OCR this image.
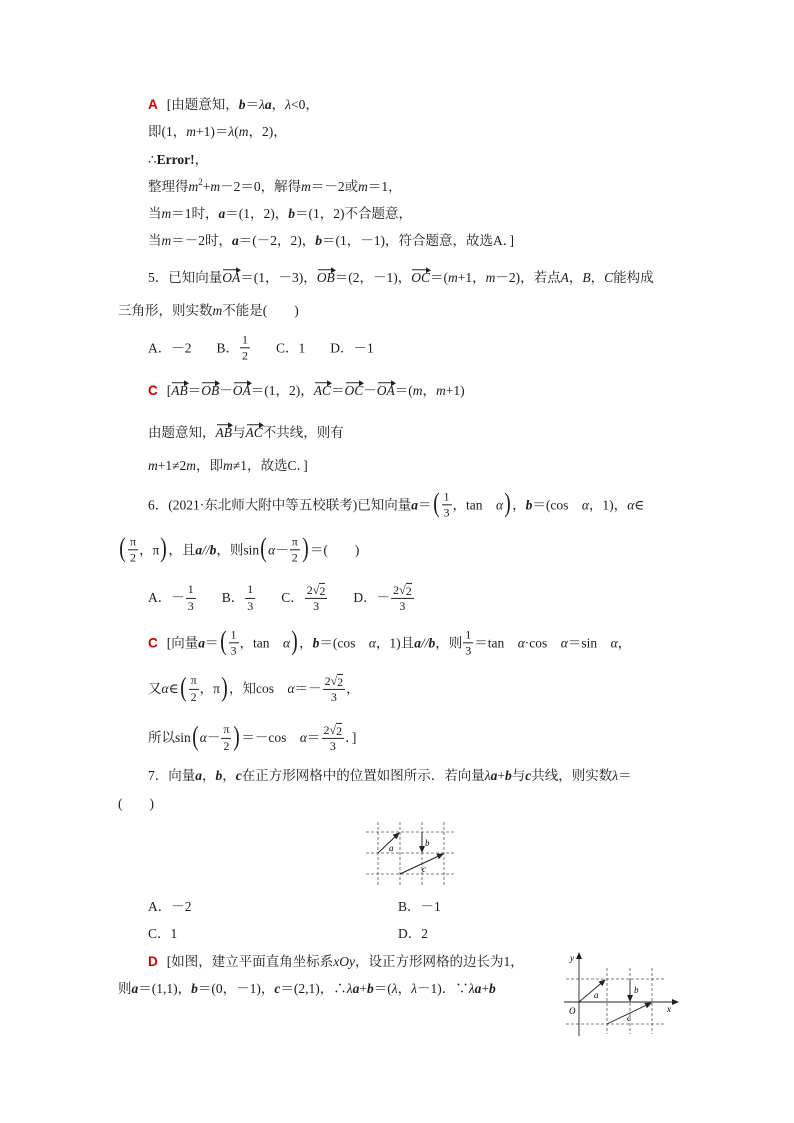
A [由题意知， b ＝ λ a ， λ <0，
即(1， m +1)＝ λ ( m ，2)，
∴ Error! ，
整理得 m 2 + m －2＝0，解得 m ＝－2或 m ＝1，
当 m ＝1时， a ＝(1，2)， b ＝(1，2)不合题意，
当 m ＝－2时， a ＝(－2，2)， b ＝(1，－1)，符合题意，故选A．]
5．已知向量 OA ＝(1，－3)， OB ＝(2，－1)， OC ＝( m +1， m －2)，若点 A ， B ， C 能构成
三角形，则实数 m 不能是(　　)
A．－2 B． $\frac{1}{2}$ C．1 D．－1
C [ AB ＝ OB － OA ＝(1，2)， AC ＝ OC － OA ＝( m ， m +1)
由题意知， AB 与 AC 不共线，则有
m +1≠2 m ，即 m ≠1，故选C．]
6．(2021·东北师大附中等五校联考)已知向量 a ＝ ( $\frac{1}{3}$ ，tan　 α ) ， b ＝(cos　 α ，1)， α ∈
( $\frac{\pi}{2}$ ，π ) ，且 a // b ，则sin ( $\alpha - \frac{\pi}{2}$ ) ＝(　　)
A．－ $\frac{1}{3}$ B． $\frac{1}{3}$ C． $\frac{2 √ 2}{3}$ D．－ $\frac{2 √ 2}{3}$
C [向量 a ＝ ( $\frac{1}{3}$ ，tan　 α ) ， b ＝(cos　 α ，1)且 a // b ，则 $\frac{1}{3} =\tan$　 α ·cos　 α ＝sin　 α ，
又 α ∈ ( $\frac{\pi}{2}$ ，π ) ，知cos　 $\alpha =- \frac{2 √ 2}{3}$ ，
所以sin ( $\alpha - \frac{\pi}{2}$ ) ＝－cos　 $\alpha = \frac{2 √ 2}{3}$ ．]
7．向量 a ， b ， c 在正方形网格中的位置如图所示．若向量 λ a + b 与 c 共线，则实数 λ ＝
(　　)
a	b
c
A．－2	B．－1
C．1	D．2
D [如图，建立平面直角坐标系 xOy ，设正方形网格的边长为1，
则 a ＝(1,1)， b ＝(0，－1)， c ＝(2,1)，∴ λ a + b ＝( λ ， λ －1)．∵ λ a + b
y
x
O
a	b
c
